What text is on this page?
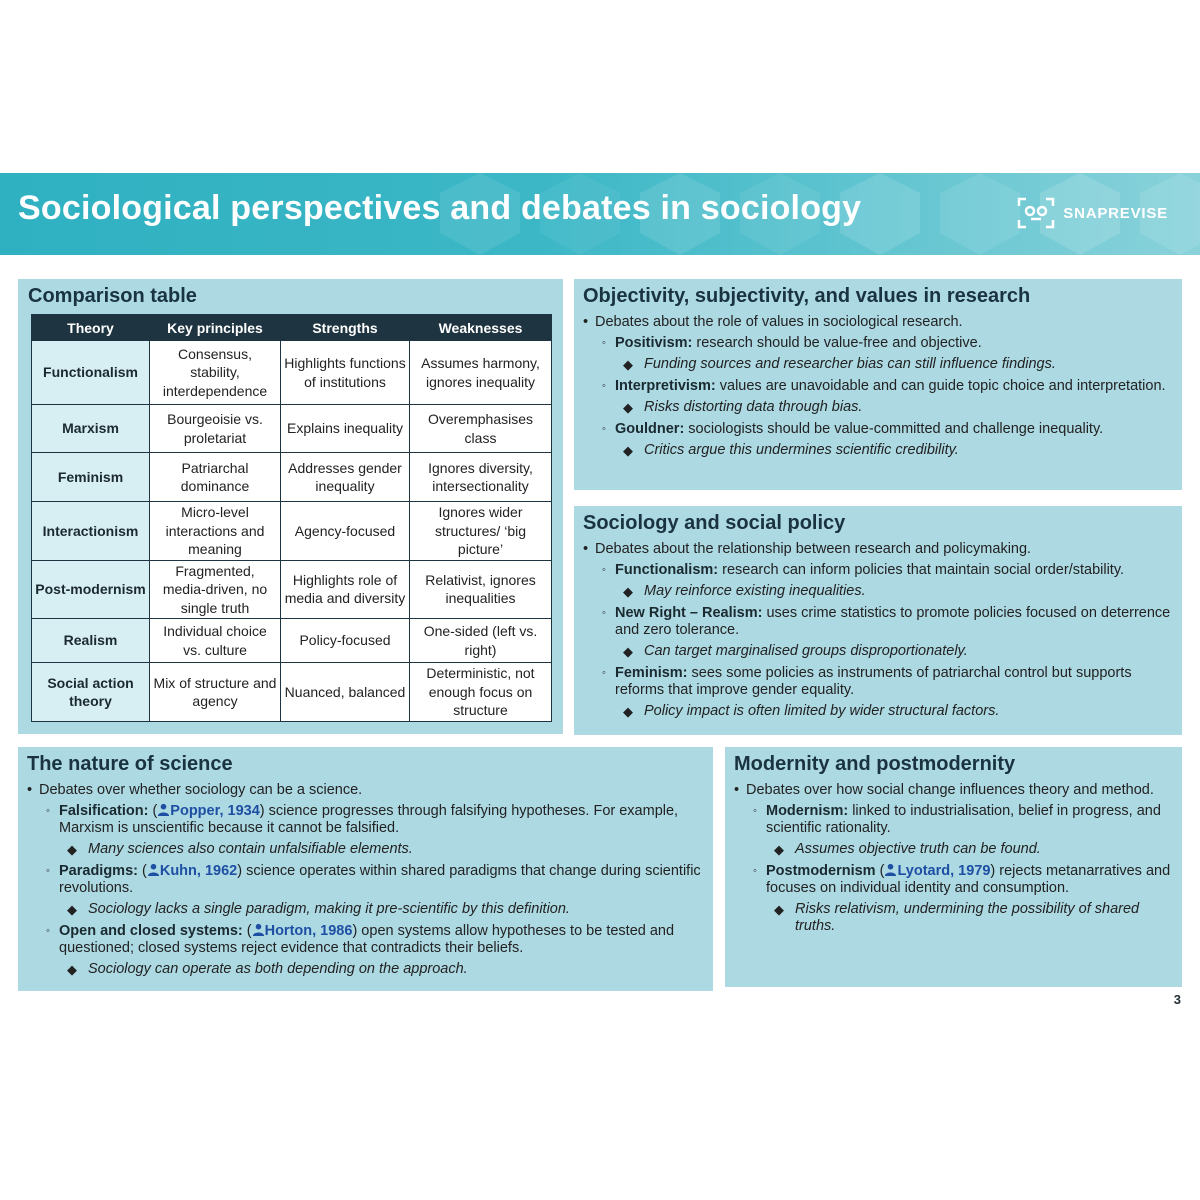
Sociological perspectives and debates in sociology	SNAPREVISE
Comparison table
Theory	Key principles	Strengths	Weaknesses
Functionalism	Consensus, stability, interdependence	Highlights functions of institutions	Assumes harmony, ignores inequality
Marxism	Bourgeoisie vs. proletariat	Explains inequality	Overemphasises class
Feminism	Patriarchal dominance	Addresses gender inequality	Ignores diversity, intersectionality
Interactionism	Micro-level interactions and meaning	Agency-focused	Ignores wider structures/ ‘big picture’
Post-modernism	Fragmented, media-driven, no single truth	Highlights role of media and diversity	Relativist, ignores inequalities
Realism	Individual choice vs. culture	Policy-focused	One-sided (left vs. right)
Social action theory	Mix of structure and agency	Nuanced, balanced	Deterministic, not enough focus on structure
Objectivity, subjectivity, and values in research
• Debates about the role of values in sociological research.
◦ Positivism: research should be value-free and objective.
◆ Funding sources and researcher bias can still influence findings.
◦ Interpretivism: values are unavoidable and can guide topic choice and interpretation.
◆ Risks distorting data through bias.
◦ Gouldner: sociologists should be value-committed and challenge inequality.
◆ Critics argue this undermines scientific credibility.
Sociology and social policy
• Debates about the relationship between research and policymaking.
◦ Functionalism: research can inform policies that maintain social order/stability.
◆ May reinforce existing inequalities.
◦ New Right – Realism: uses crime statistics to promote policies focused on deterrence and zero tolerance.
◆ Can target marginalised groups disproportionately.
◦ Feminism: sees some policies as instruments of patriarchal control but supports reforms that improve gender equality.
◆ Policy impact is often limited by wider structural factors.
The nature of science
• Debates over whether sociology can be a science.
◦ Falsification: ( Popper, 1934) science progresses through falsifying hypotheses. For example, Marxism is unscientific because it cannot be falsified.
◆ Many sciences also contain unfalsifiable elements.
◦ Paradigms: ( Kuhn, 1962) science operates within shared paradigms that change during scientific revolutions.
◆ Sociology lacks a single paradigm, making it pre-scientific by this definition.
◦ Open and closed systems: ( Horton, 1986) open systems allow hypotheses to be tested and questioned; closed systems reject evidence that contradicts their beliefs.
◆ Sociology can operate as both depending on the approach.
Modernity and postmodernity
• Debates over how social change influences theory and method.
◦ Modernism: linked to industrialisation, belief in progress, and scientific rationality.
◆ Assumes objective truth can be found.
◦ Postmodernism ( Lyotard, 1979) rejects metanarratives and focuses on individual identity and consumption.
◆ Risks relativism, undermining the possibility of shared truths.
3
